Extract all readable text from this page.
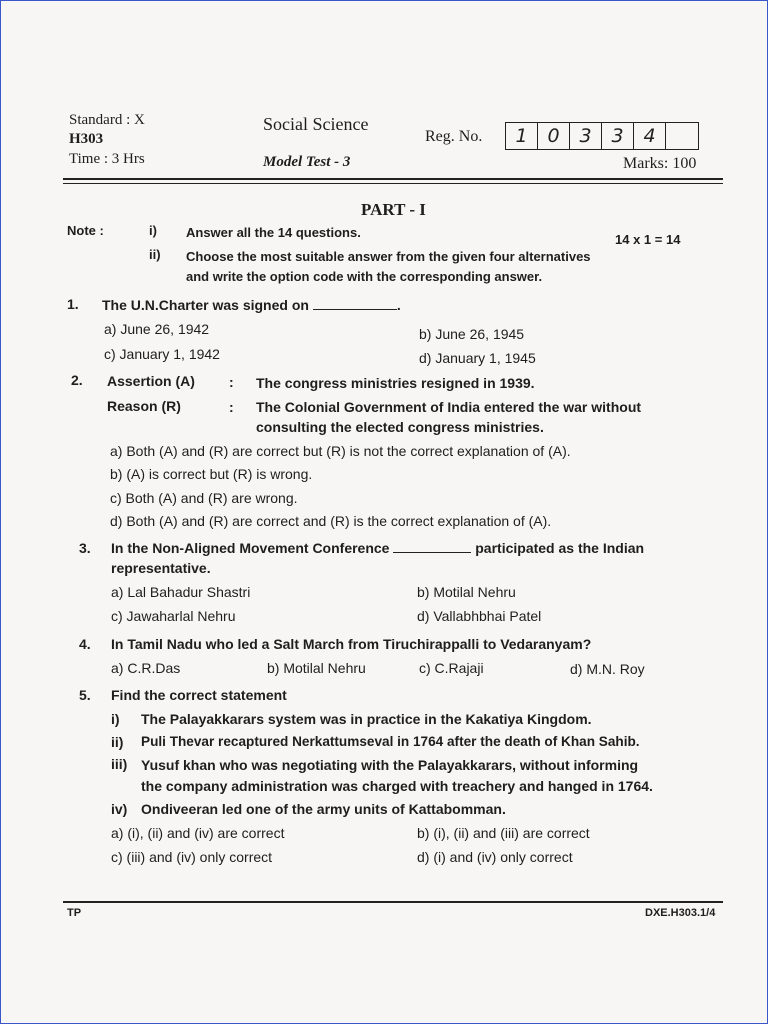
Standard : X
H303
Time : 3 Hrs
Social Science
Model Test - 3
Reg. No.	1	0	3	3	4
Marks: 100
PART - I
Note :	i) Answer all the 14 questions.	14 x 1 = 14
ii) Choose the most suitable answer from the given four alternatives
and write the option code with the corresponding answer.
1. The U.N.Charter was signed on	.
a) June 26, 1942	b) June 26, 1945
c) January 1, 1942	d) January 1, 1945
2. Assertion (A) : The congress ministries resigned in 1939.
Reason (R)	: The Colonial Government of India entered the war without
consulting the elected congress ministries.
a) Both (A) and (R) are correct but (R) is not the correct explanation of (A).
b) (A) is correct but (R) is wrong.
c) Both (A) and (R) are wrong.
d) Both (A) and (R) are correct and (R) is the correct explanation of (A).
3. In the Non-Aligned Movement Conference	participated as the Indian
representative.
a) Lal Bahadur Shastri	b) Motilal Nehru
c) Jawaharlal Nehru	d) Vallabhbhai Patel
4. In Tamil Nadu who led a Salt March from Tiruchirappalli to Vedaranyam?
a) C.R.Das	b) Motilal Nehru	c) C.Rajaji	d) M.N. Roy
5. Find the correct statement
i) The Palayakkarars system was in practice in the Kakatiya Kingdom.
ii) Puli Thevar recaptured Nerkattumseval in 1764 after the death of Khan Sahib.
iii) Yusuf khan who was negotiating with the Palayakkarars, without informing
the company administration was charged with treachery and hanged in 1764.
iv) Ondiveeran led one of the army units of Kattabomman.
a) (i), (ii) and (iv) are correct	b) (i), (ii) and (iii) are correct
c) (iii) and (iv) only correct	d) (i) and (iv) only correct
TP	DXE.H303.1/4
